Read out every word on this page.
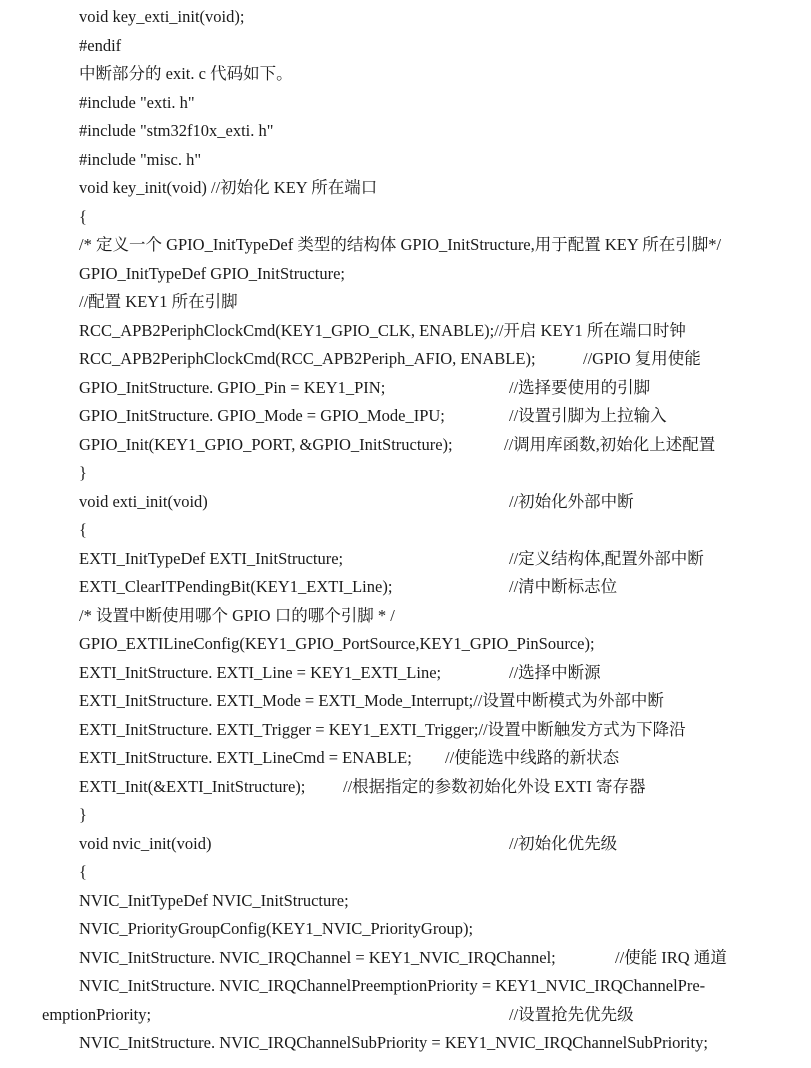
void key_exti_init(void);
#endif
中断部分的 exit. c 代码如下。
#include "exti. h"
#include "stm32f10x_exti. h"
#include "misc. h"
void key_init(void) //初始化 KEY 所在端口
{
/* 定义一个 GPIO_InitTypeDef 类型的结构体 GPIO_InitStructure,用于配置 KEY 所在引脚*/
GPIO_InitTypeDef GPIO_InitStructure;
//配置 KEY1 所在引脚
RCC_APB2PeriphClockCmd(KEY1_GPIO_CLK, ENABLE);//开启 KEY1 所在端口时钟
RCC_APB2PeriphClockCmd(RCC_APB2Periph_AFIO, ENABLE);	//GPIO 复用使能
GPIO_InitStructure. GPIO_Pin = KEY1_PIN;	//选择要使用的引脚
GPIO_InitStructure. GPIO_Mode = GPIO_Mode_IPU;	//设置引脚为上拉输入
GPIO_Init(KEY1_GPIO_PORT, &GPIO_InitStructure);	//调用库函数,初始化上述配置
}
void exti_init(void)	//初始化外部中断
{
EXTI_InitTypeDef EXTI_InitStructure;	//定义结构体,配置外部中断
EXTI_ClearITPendingBit(KEY1_EXTI_Line);	//清中断标志位
/* 设置中断使用哪个 GPIO 口的哪个引脚 * /
GPIO_EXTILineConfig(KEY1_GPIO_PortSource,KEY1_GPIO_PinSource);
EXTI_InitStructure. EXTI_Line = KEY1_EXTI_Line;	//选择中断源
EXTI_InitStructure. EXTI_Mode = EXTI_Mode_Interrupt;//设置中断模式为外部中断
EXTI_InitStructure. EXTI_Trigger = KEY1_EXTI_Trigger;//设置中断触发方式为下降沿
EXTI_InitStructure. EXTI_LineCmd = ENABLE; //使能选中线路的新状态
EXTI_Init(&EXTI_InitStructure); //根据指定的参数初始化外设 EXTI 寄存器
}
void nvic_init(void)	//初始化优先级
{
NVIC_InitTypeDef NVIC_InitStructure;
NVIC_PriorityGroupConfig(KEY1_NVIC_PriorityGroup);
NVIC_InitStructure. NVIC_IRQChannel = KEY1_NVIC_IRQChannel;	//使能 IRQ 通道
NVIC_InitStructure. NVIC_IRQChannelPreemptionPriority = KEY1_NVIC_IRQChannelPre-
emptionPriority;	//设置抢先优先级
NVIC_InitStructure. NVIC_IRQChannelSubPriority = KEY1_NVIC_IRQChannelSubPriority;
